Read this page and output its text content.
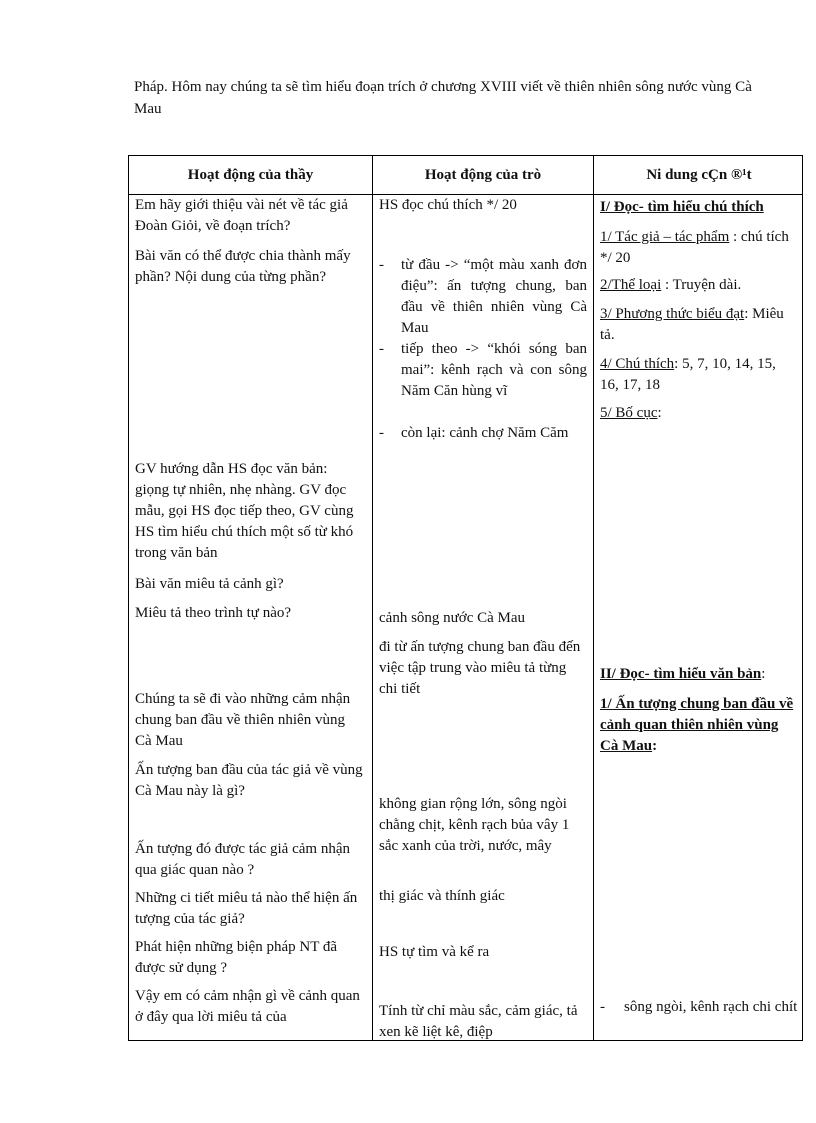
Pháp. Hôm nay chúng ta sẽ tìm hiểu đoạn trích ở chương XVIII viết về thiên nhiên sông nước vùng Cà Mau
Hoạt động của thầy	Hoạt động của trò	Ni dung cÇn ®¹t
Em hãy giới thiệu vài nét về tác giả Đoàn Giỏi, về đoạn trích?
Bài văn có thể được chia thành mấy phần? Nội dung của từng phần?
GV hướng dẫn HS đọc văn bản: giọng tự nhiên, nhẹ nhàng. GV đọc mẫu, gọi HS đọc tiếp theo, GV cùng HS tìm hiểu chú thích một số từ khó trong văn bản
Bài văn miêu tả cảnh gì?
Miêu tả theo trình tự nào?
Chúng ta sẽ đi vào những cảm nhận chung ban đầu về thiên nhiên vùng Cà Mau
Ấn tượng ban đầu của tác giả về vùng Cà Mau này là gì?
Ấn tượng đó được tác giả cảm nhận qua giác quan nào ?
Những ci tiết miêu tả nào thể hiện ấn tượng của tác giả?
Phát hiện những biện pháp NT đã được sử dụng ?
Vậy em có cảm nhận gì về cảnh quan ở đây qua lời miêu tả của
HS đọc chú thích */ 20
- từ đầu -> “một màu xanh đơn điệu”: ấn tượng chung, ban đầu về thiên nhiên vùng Cà Mau
- tiếp theo -> “khói sóng ban mai”: kênh rạch và con sông Năm Căn hùng vĩ
- còn lại: cảnh chợ Năm Căm
cảnh sông nước Cà Mau
đi từ ấn tượng chung ban đầu đến việc tập trung vào miêu tả từng chi tiết
không gian rộng lớn, sông ngòi chằng chịt, kênh rạch bủa vây 1 sắc xanh của trời, nước, mây
thị giác và thính giác
HS tự tìm và kể ra
Tính từ chỉ màu sắc, cảm giác, tả xen kẽ liệt kê, điệp
I/ Đọc- tìm hiểu chú thích
1/ Tác giả – tác phẩm : chú tích */ 20
2/Thể loại : Truyện dài.
3/ Phương thức biểu đạt: Miêu tả.
4/ Chú thích: 5, 7, 10, 14, 15, 16, 17, 18
5/ Bố cục:
II/ Đọc- tìm hiểu văn bản:
1/ Ấn tượng chung ban đầu về cảnh quan thiên nhiên vùng Cà Mau:
- sông ngòi, kênh rạch chi chít
